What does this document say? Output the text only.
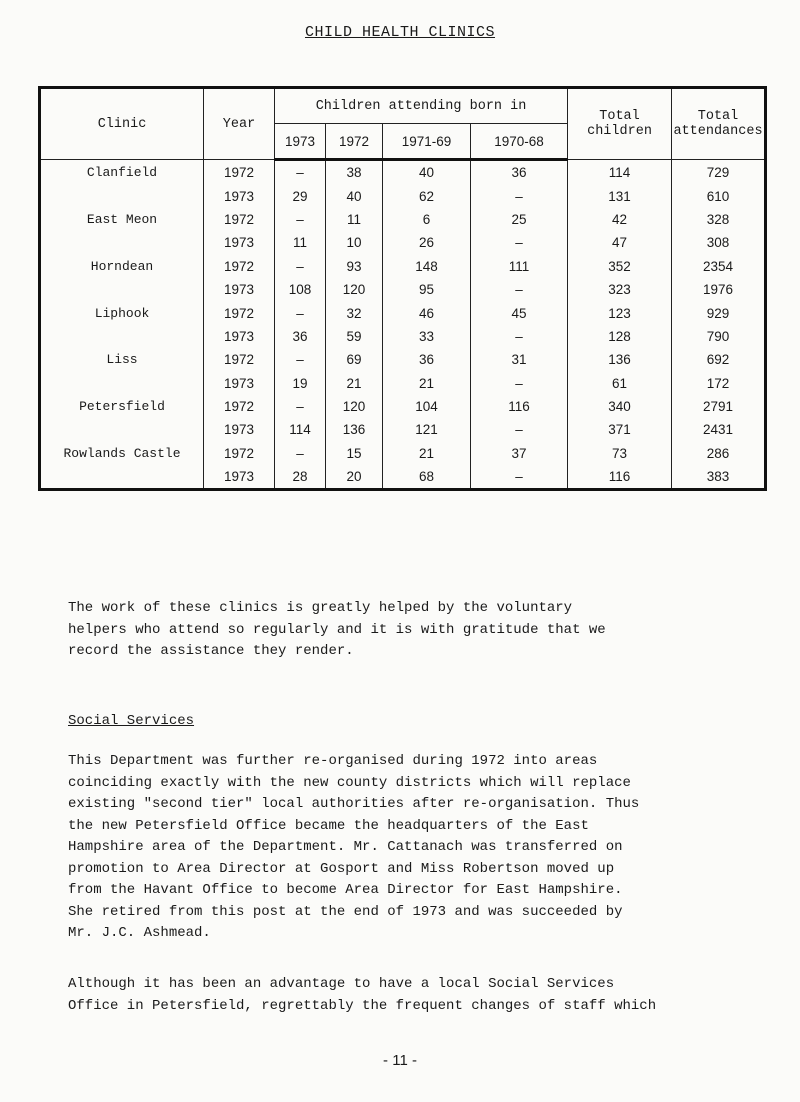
CHILD HEALTH CLINICS
Clinic	Year	Children attending born in				Total children	Total attendances
		1973	1972	1971-69	1970-68		
Clanfield	1972	–	38	40	36	114	729
	1973	29	40	62	–	131	610
East Meon	1972	–	11	6	25	42	328
	1973	11	10	26	–	47	308
Horndean	1972	–	93	148	111	352	2354
	1973	108	120	95	–	323	1976
Liphook	1972	–	32	46	45	123	929
	1973	36	59	33	–	128	790
Liss	1972	–	69	36	31	136	692
	1973	19	21	21	–	61	172
Petersfield	1972	–	120	104	116	340	2791
	1973	114	136	121	–	371	2431
Rowlands Castle	1972	–	15	21	37	73	286
	1973	28	20	68	–	116	383
The work of these clinics is greatly helped by the voluntary
helpers who attend so regularly and it is with gratitude that we
record the assistance they render.
Social Services
This Department was further re-organised during 1972 into areas
coinciding exactly with the new county districts which will replace
existing "second tier" local authorities after re-organisation. Thus
the new Petersfield Office became the headquarters of the East
Hampshire area of the Department. Mr. Cattanach was transferred on
promotion to Area Director at Gosport and Miss Robertson moved up
from the Havant Office to become Area Director for East Hampshire.
She retired from this post at the end of 1973 and was succeeded by
Mr. J.C. Ashmead.
Although it has been an advantage to have a local Social Services
Office in Petersfield, regrettably the frequent changes of staff which
- 11 -
